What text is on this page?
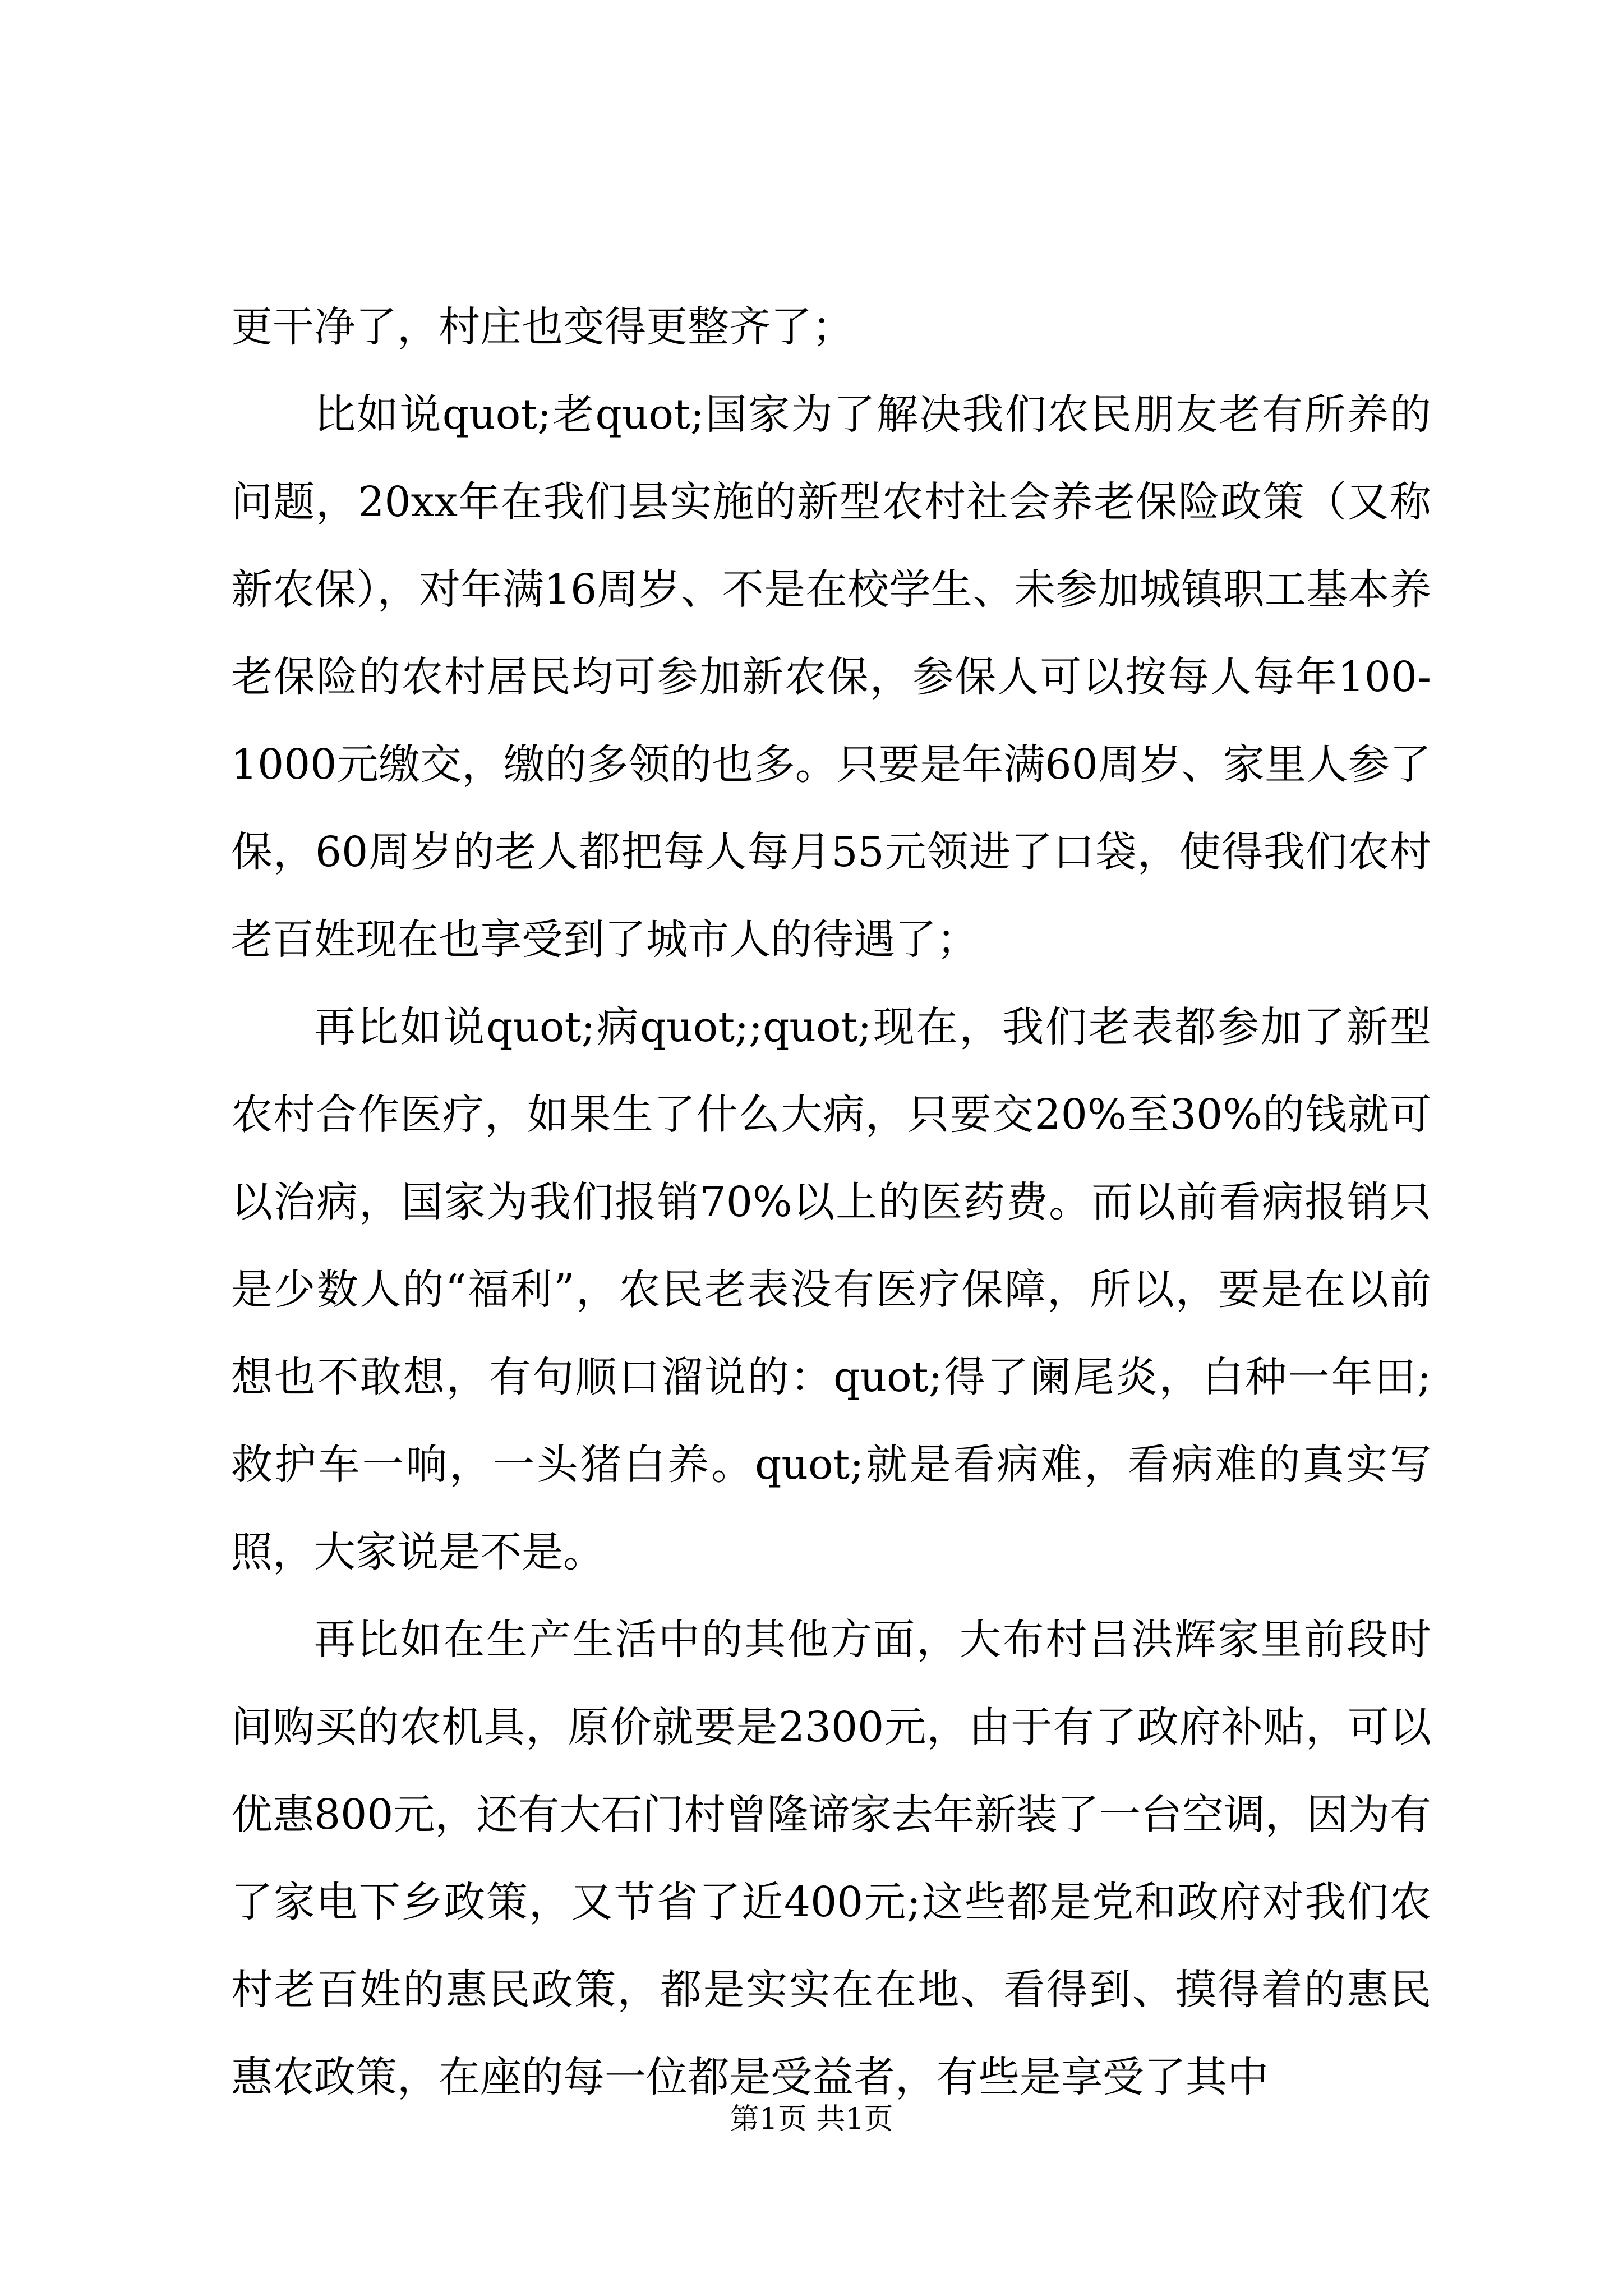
更干净了，村庄也变得更整齐了；

比如说quot;老quot;国家为了解决我们农民朋友老有所养的问题，20xx年在我们县实施的新型农村社会养老保险政策（又称新农保），对年满16周岁、不是在校学生、未参加城镇职工基本养老保险的农村居民均可参加新农保，参保人可以按每人每年100-1000元缴交，缴的多领的也多。只要是年满60周岁、家里人参了保，60周岁的老人都把每人每月55元领进了口袋，使得我们农村老百姓现在也享受到了城市人的待遇了；

再比如说quot;病quot;;quot;现在，我们老表都参加了新型农村合作医疗，如果生了什么大病，只要交20%至30%的钱就可以治病，国家为我们报销70%以上的医药费。而以前看病报销只是少数人的“福利”，农民老表没有医疗保障，所以，要是在以前想也不敢想，有句顺口溜说的：quot;得了阑尾炎，白种一年田;救护车一响，一头猪白养。quot;就是看病难，看病难的真实写照，大家说是不是。

再比如在生产生活中的其他方面，大布村吕洪辉家里前段时间购买的农机具，原价就要是2300元，由于有了政府补贴，可以优惠800元，还有大石门村曾隆谛家去年新装了一台空调，因为有了家电下乡政策，又节省了近400元;这些都是党和政府对我们农村老百姓的惠民政策，都是实实在在地、看得到、摸得着的惠民惠农政策，在座的每一位都是受益者，有些是享受了其中

第1页 共1页
